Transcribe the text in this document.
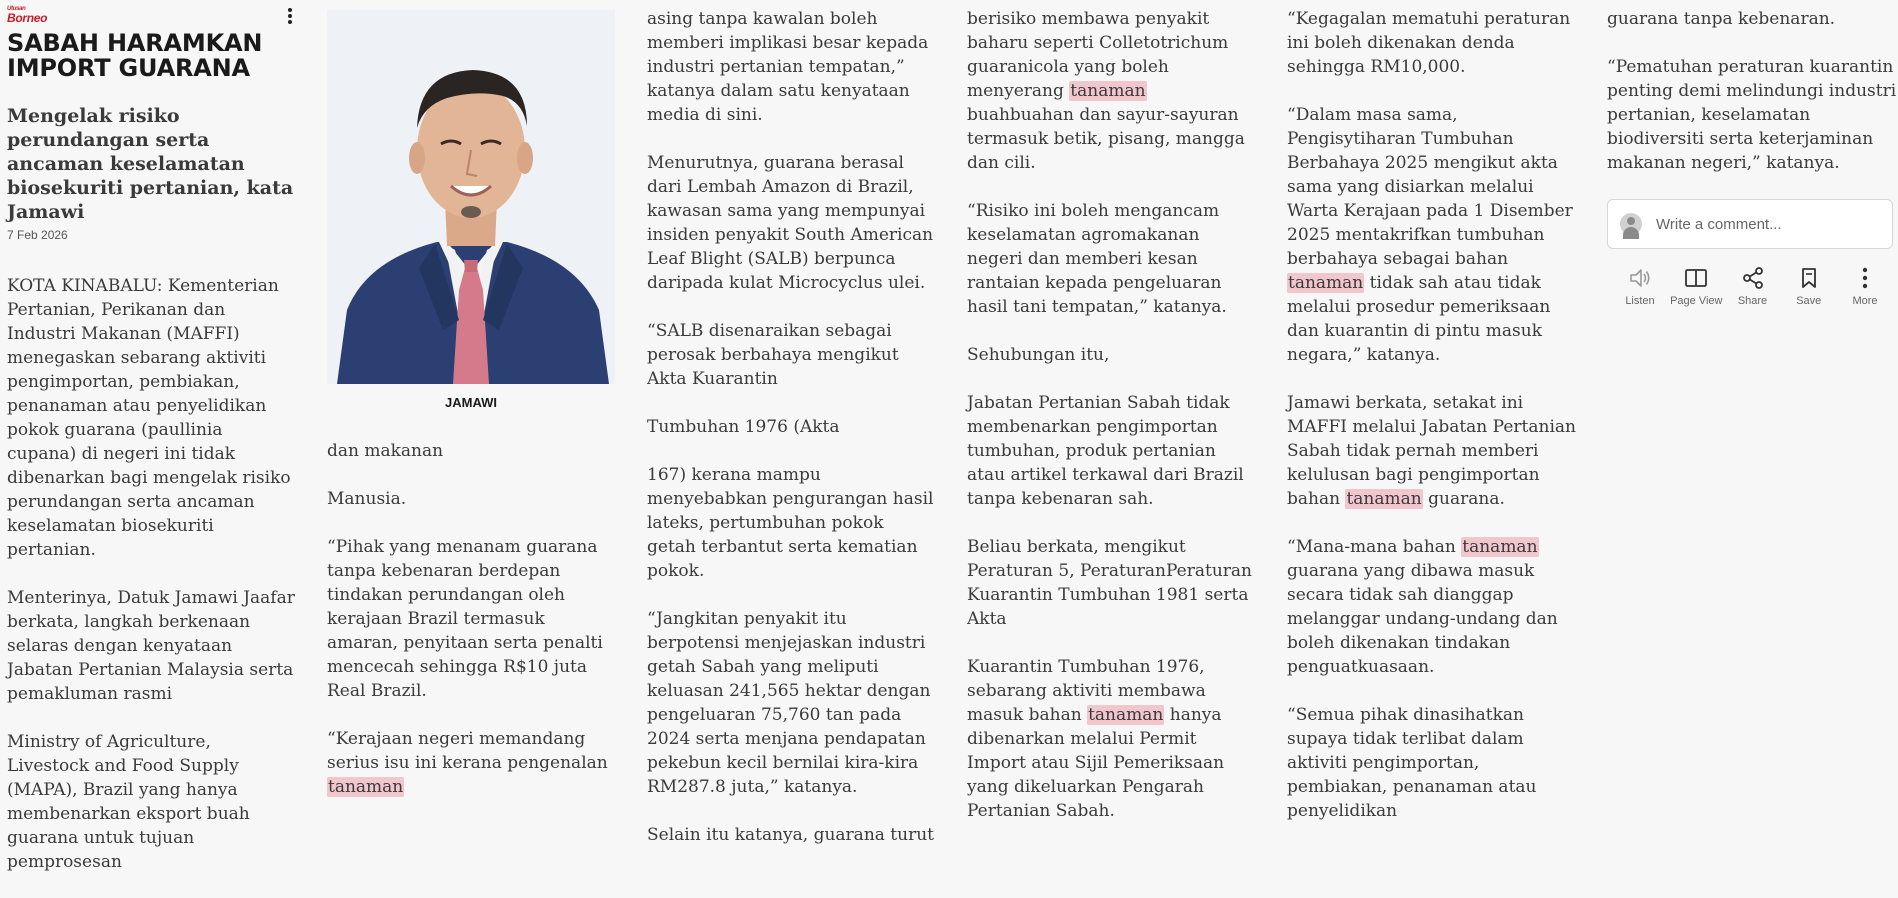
Utusan
Borneo
SABAH HARAMKAN IMPORT GUARANA
Mengelak risiko perundangan serta ancaman keselamatan biosekuriti pertanian, kata Jamawi
7 Feb 2026

KOTA KINABALU: Kementerian Pertanian, Perikanan dan Industri Makanan (MAFFI) menegaskan sebarang aktiviti pengimportan, pembiakan, penanaman atau penyelidikan pokok guarana (paullinia cupana) di negeri ini tidak dibenarkan bagi mengelak risiko perundangan serta ancaman keselamatan biosekuriti pertanian.

Menterinya, Datuk Jamawi Jaafar berkata, langkah berkenaan selaras dengan kenyataan Jabatan Pertanian Malaysia serta pemakluman rasmi

Ministry of Agriculture, Livestock and Food Supply (MAPA), Brazil yang hanya membenarkan eksport buah guarana untuk tujuan pemprosesan

JAMAWI

dan makanan

Manusia.

“Pihak yang menanam guarana tanpa kebenaran berdepan tindakan perundangan oleh kerajaan Brazil termasuk amaran, penyitaan serta penalti mencecah sehingga R$10 juta Real Brazil.

“Kerajaan negeri memandang serius isu ini kerana pengenalan tanaman

asing tanpa kawalan boleh memberi implikasi besar kepada industri pertanian tempatan,” katanya dalam satu kenyataan media di sini.

Menurutnya, guarana berasal dari Lembah Amazon di Brazil, kawasan sama yang mempunyai insiden penyakit South American Leaf Blight (SALB) berpunca daripada kulat Microcyclus ulei.

“SALB disenaraikan sebagai perosak berbahaya mengikut Akta Kuarantin

Tumbuhan 1976 (Akta

167) kerana mampu menyebabkan pengurangan hasil lateks, pertumbuhan pokok getah terbantut serta kematian pokok.

“Jangkitan penyakit itu berpotensi menjejaskan industri getah Sabah yang meliputi keluasan 241,565 hektar dengan pengeluaran 75,760 tan pada 2024 serta menjana pendapatan pekebun kecil bernilai kira-kira RM287.8 juta,” katanya.

Selain itu katanya, guarana turut

berisiko membawa penyakit baharu seperti Colletotrichum guaranicola yang boleh menyerang tanaman buahbuahan dan sayur-sayuran termasuk betik, pisang, mangga dan cili.

“Risiko ini boleh mengancam keselamatan agromakanan negeri dan memberi kesan rantaian kepada pengeluaran hasil tani tempatan,” katanya.

Sehubungan itu,

Jabatan Pertanian Sabah tidak membenarkan pengimportan tumbuhan, produk pertanian atau artikel terkawal dari Brazil tanpa kebenaran sah.

Beliau berkata, mengikut Peraturan 5, PeraturanPeraturan Kuarantin Tumbuhan 1981 serta Akta

Kuarantin Tumbuhan 1976, sebarang aktiviti membawa masuk bahan tanaman hanya dibenarkan melalui Permit Import atau Sijil Pemeriksaan yang dikeluarkan Pengarah Pertanian Sabah.

“Kegagalan mematuhi peraturan ini boleh dikenakan denda sehingga RM10,000.

“Dalam masa sama, Pengisytiharan Tumbuhan Berbahaya 2025 mengikut akta sama yang disiarkan melalui Warta Kerajaan pada 1 Disember 2025 mentakrifkan tumbuhan berbahaya sebagai bahan tanaman tidak sah atau tidak melalui prosedur pemeriksaan dan kuarantin di pintu masuk negara,” katanya.

Jamawi berkata, setakat ini MAFFI melalui Jabatan Pertanian Sabah tidak pernah memberi kelulusan bagi pengimportan bahan tanaman guarana.

“Mana-mana bahan tanaman guarana yang dibawa masuk secara tidak sah dianggap melanggar undang-undang dan boleh dikenakan tindakan penguatkuasaan.

“Semua pihak dinasihatkan supaya tidak terlibat dalam aktiviti pengimportan, pembiakan, penanaman atau penyelidikan

guarana tanpa kebenaran.

“Pematuhan peraturan kuarantin penting demi melindungi industri pertanian, keselamatan biodiversiti serta keterjaminan makanan negeri,” katanya.

Write a comment...
Listen Page View Share	Save	More
